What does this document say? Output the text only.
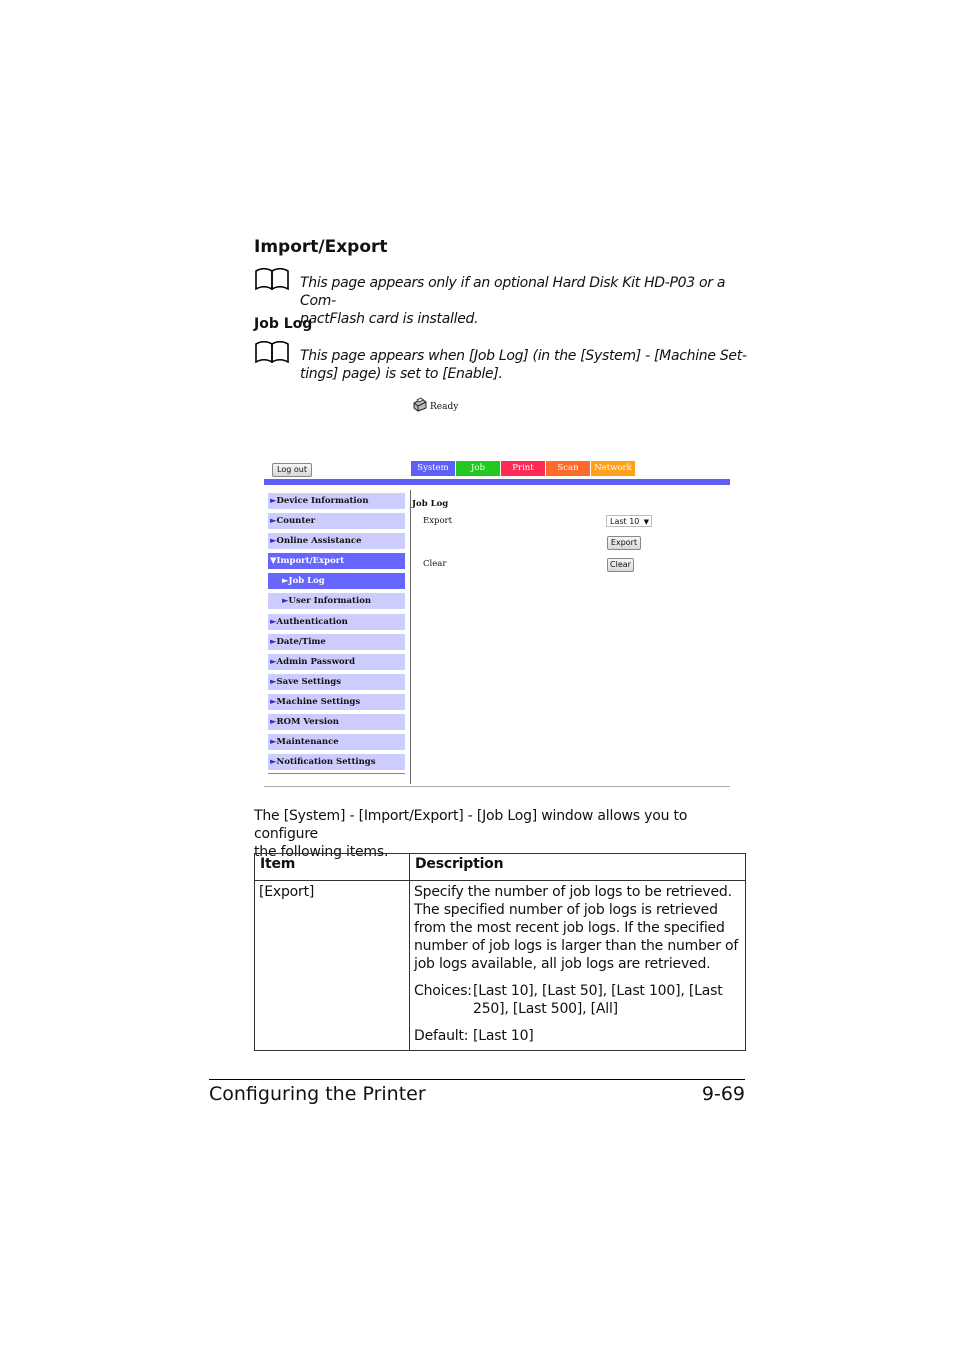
Import/Export
This page appears only if an optional Hard Disk Kit HD-P03 or a Com-
pactFlash card is installed.
Job Log
This page appears when [Job Log] (in the [System] - [Machine Set-
tings] page) is set to [Enable].
Ready
Log out	System	Job	Print	Scan	Network
►Device Information
►Counter
►Online Assistance
▼Import/Export
►Job Log
►User Information
►Authentication
►Date/Time
►Admin Password
►Save Settings
►Machine Settings
►ROM Version
►Maintenance
►Notification Settings
Job Log
Export	Last 10 ▼
Export
Clear	Clear
The [System] - [Import/Export] - [Job Log] window allows you to configure
the following items.
Item	Description
[Export]	Specify the number of job logs to be retrieved. The specified number of job logs is retrieved from the most recent job logs. If the specified number of job logs is larger than the number of job logs available, all job logs are retrieved.
Choices: [Last 10], [Last 50], [Last 100], [Last 250], [Last 500], [All]
Default: [Last 10]
Configuring the Printer	9-69
